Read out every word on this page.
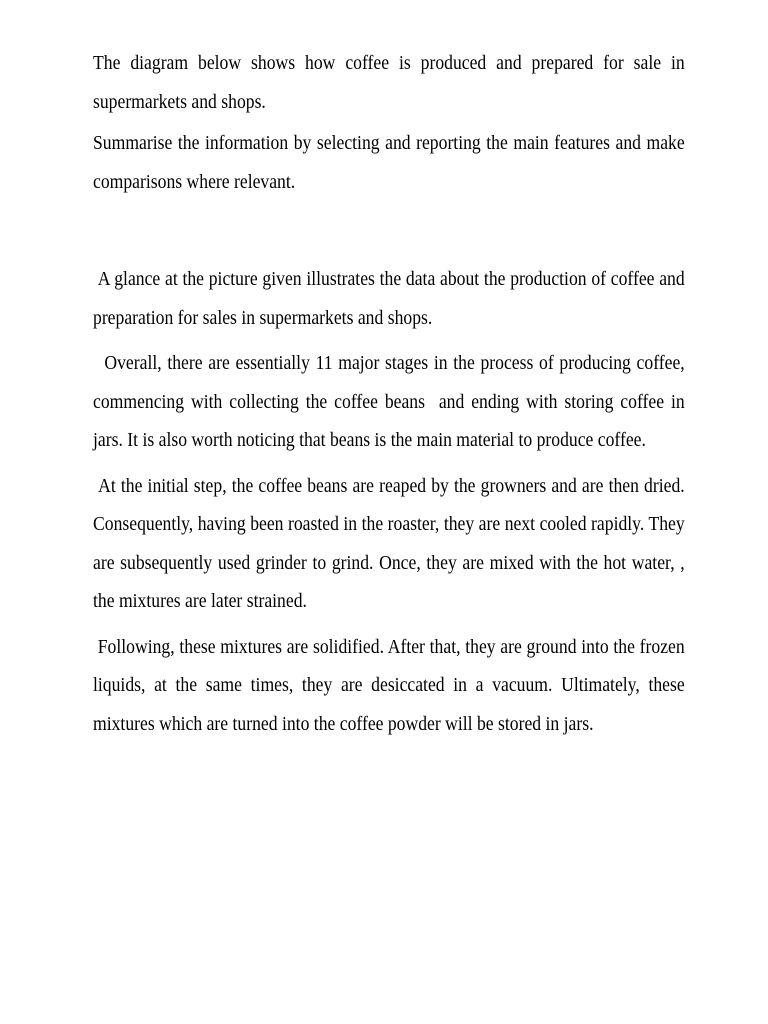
The diagram below shows how coffee is produced and prepared for sale in supermarkets and shops.

Summarise the information by selecting and reporting the main features and make comparisons where relevant.

A glance at the picture given illustrates the data about the production of coffee and preparation for sales in supermarkets and shops.

Overall, there are essentially 11 major stages in the process of producing coffee, commencing with collecting the coffee beans  and ending with storing coffee in jars. It is also worth noticing that beans is the main material to produce coffee.

At the initial step, the coffee beans are reaped by the growners and are then dried. Consequently, having been roasted in the roaster, they are next cooled rapidly. They are subsequently used grinder to grind. Once, they are mixed with the hot water, , the mixtures are later strained.

Following, these mixtures are solidified. After that, they are ground into the frozen liquids, at the same times, they are desiccated in a vacuum. Ultimately, these mixtures which are turned into the coffee powder will be stored in jars.
